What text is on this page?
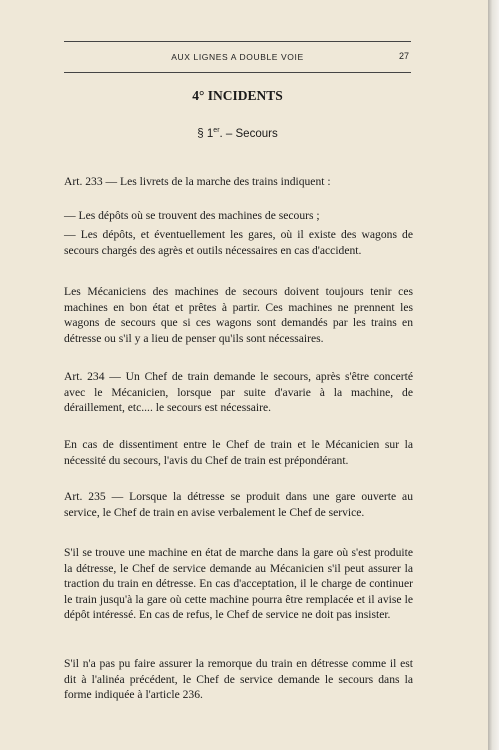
AUX LIGNES A DOUBLE VOIE	27
4° INCIDENTS
§ 1er. – Secours

Art. 233 — Les livrets de la marche des trains indiquent :

— Les dépôts où se trouvent des machines de secours ;

— Les dépôts, et éventuellement les gares, où il existe des wagons de secours chargés des agrès et outils nécessaires en cas d'accident.

Les Mécaniciens des machines de secours doivent toujours tenir ces machines en bon état et prêtes à partir. Ces machines ne prennent les wagons de secours que si ces wagons sont demandés par les trains en détresse ou s'il y a lieu de penser qu'ils sont nécessaires.

Art. 234 — Un Chef de train demande le secours, après s'être concerté avec le Mécanicien, lorsque par suite d'avarie à la machine, de déraillement, etc.... le secours est nécessaire.

En cas de dissentiment entre le Chef de train et le Mécanicien sur la nécessité du secours, l'avis du Chef de train est prépondérant.

Art. 235 — Lorsque la détresse se produit dans une gare ouverte au service, le Chef de train en avise verbalement le Chef de service.

S'il se trouve une machine en état de marche dans la gare où s'est produite la détresse, le Chef de service demande au Mécanicien s'il peut assurer la traction du train en détresse. En cas d'acceptation, il le charge de continuer le train jusqu'à la gare où cette machine pourra être remplacée et il avise le dépôt intéressé. En cas de refus, le Chef de service ne doit pas insister.

S'il n'a pas pu faire assurer la remorque du train en détresse comme il est dit à l'alinéa précédent, le Chef de service demande le secours dans la forme indiquée à l'article 236.
